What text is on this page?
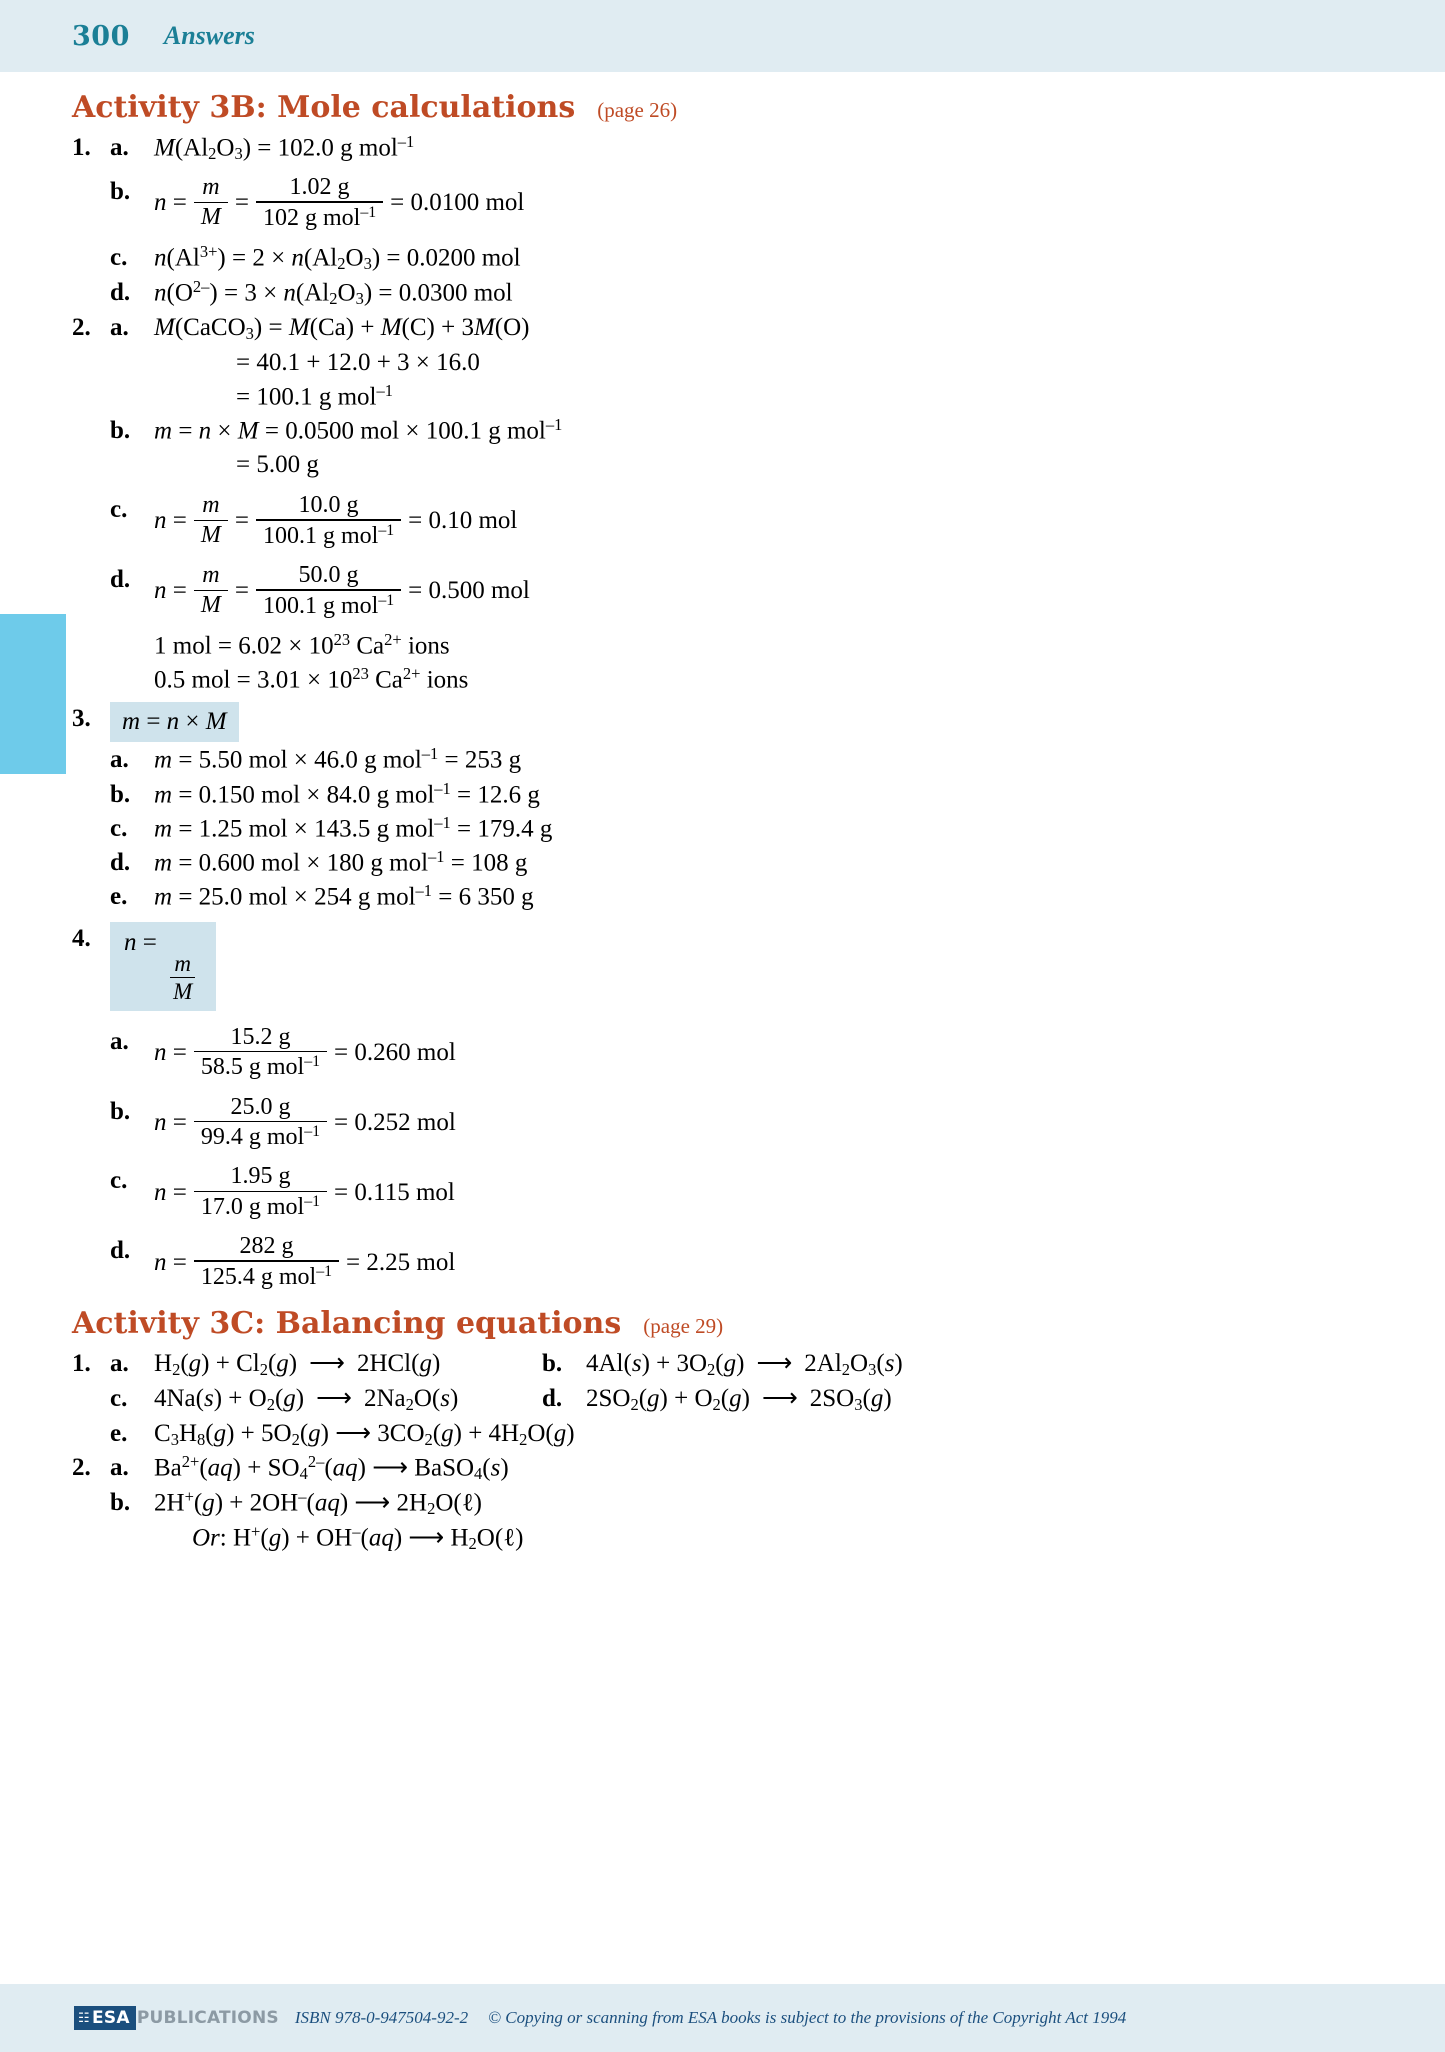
300 Answers
Activity 3B: Mole calculations (page 26)
1. a.	$M(Al_2O_3) = 102.0$ g mol$^{-1}$
b. $n = \frac{m}{M} = \frac{1.02 g}{102 g mol^{-1}} = 0.0100$ mol
c.	$n(Al^{3+}) = 2 \times n(Al_2O_3) = 0.0200$ mol
d. $n(O^{2-}) = 3 \times n(Al_2O_3) = 0.0300$ mol
2. a.	M(CaCO$_3$) = M(Ca) + M(C) + 3M(O)
= 40.1 + 12.0 + 3 × 16.0
= 100.1 g mol$^{-1}$
b. m = n × M = 0.0500 mol × 100.1 g mol$^{-1}$
= 5.00 g
c.	$n = \frac{m}{M} = \frac{10.0 g}{100.1 g mol^{-1}} = 0.10$ mol
d. $n = \frac{m}{M} = \frac{50.0 g}{100.1 g mol^{-1}} = 0.500$ mol
1 mol = $6.02 \times 10^{23}$ $Ca^{2+}$ ions
0.5 mol = $3.01 \times 10^{23}$ $Ca^{2+}$ ions
3.	m = n × M
a.	m = 5.50 mol × 46.0 g mol$^{-1}$ = 253 g
b. m = 0.150 mol × 84.0 g mol$^{-1}$ = 12.6 g
c.	m = 1.25 mol × 143.5 g mol$^{-1}$ = 179.4 g
d. m = 0.600 mol × 180 g mol$^{-1}$ = 108 g
e.	m = 25.0 mol × 254 g mol$^{-1}$ = 6 350 g
4.	n =
$\frac{m}{M}$
a.	$n = \frac{15.2 g}{58.5 g mol^{-1}} = 0.260$ mol
b. $n = \frac{25.0 g}{99.4 g mol^{-1}} = 0.252$ mol
c.	$n = \frac{1.95 g}{17.0 g mol^{-1}} = 0.115$ mol
d. $n = \frac{282 g}{125.4 g mol^{-1}} = 2.25$ mol
Activity 3C: Balancing equations (page 29)
1. a.	$H_2(g) + Cl_2(g)$ ⟶ 2HCl(g)	b. $4Al(s) + 3O_2(g)$ ⟶ $2Al_2O_3(s)$
c.	$4Na(s) + O_2(g)$ ⟶ $2Na_2O(s)$	d. $2SO_2(g) + O_2(g)$ ⟶ $2SO_3(g)$
e.	$C_3H_8(g) + 5O_2(g)$ ⟶ $3CO_2(g) + 4H_2O(g)$
2. a.	$Ba^{2+}(aq) + SO_4^{2-}(aq)$ ⟶ BaSO$_4$(s)
b. 2H+(g) + 2OH–(aq) ⟶ $2H_2O(\ell)$
Or: H+(g) + OH–(aq) ⟶ $H_2O(\ell)$
☷ ESA PUBLICATIONS ISBN 978-0-947504-92-2 © Copying or scanning from ESA books is subject to the provisions of the Copyright Act 1994
